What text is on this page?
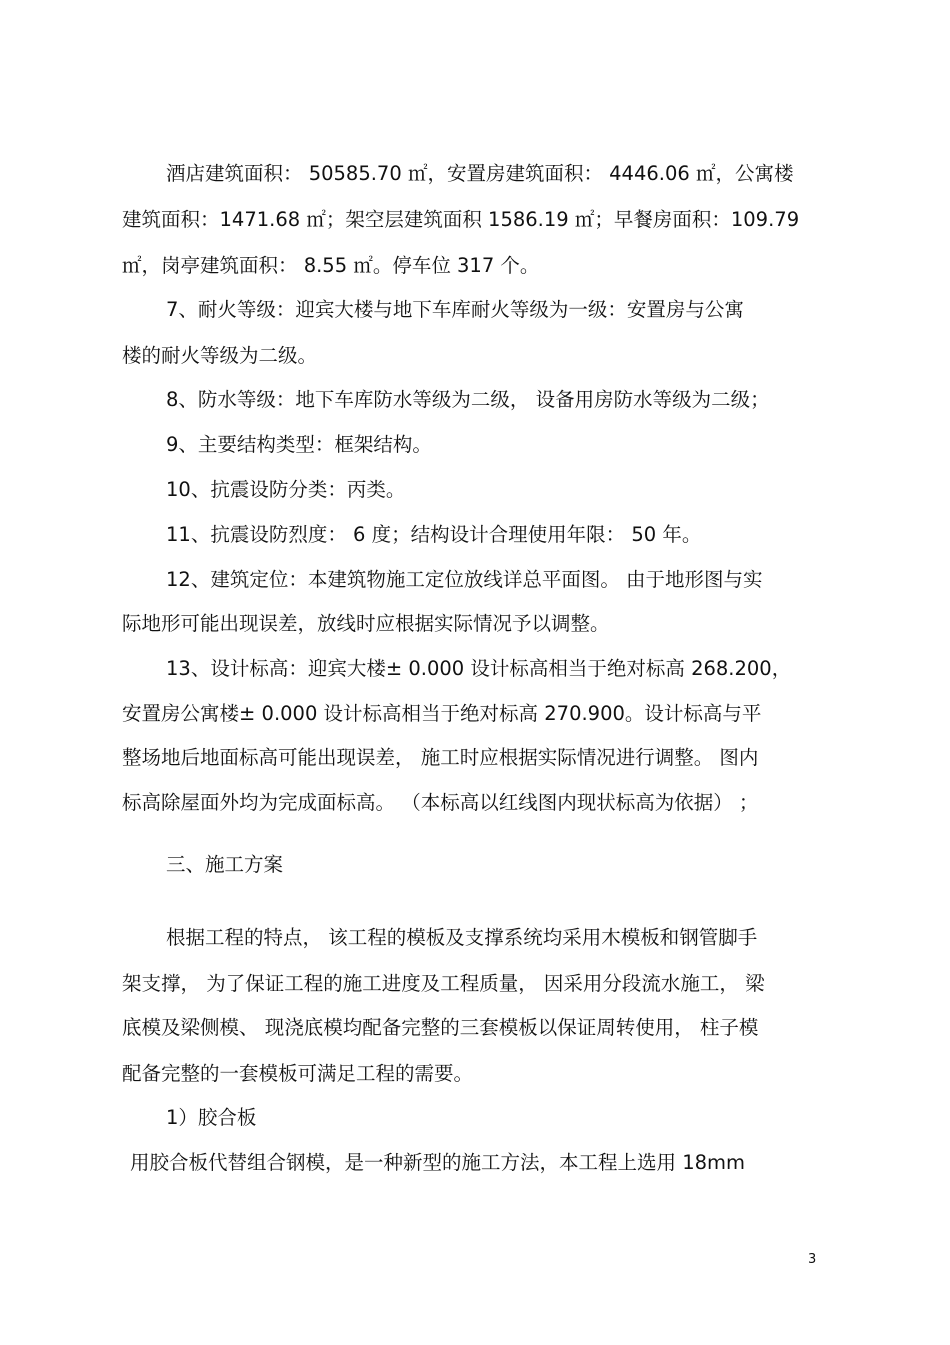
酒店建筑面积： 50585.70 ㎡，安置房建筑面积： 4446.06 ㎡，公寓楼
建筑面积：1471.68 ㎡；架空层建筑面积 1586.19 ㎡；早餐房面积：109.79
㎡，岗亭建筑面积： 8.55 ㎡。停车位 317 个。
7、耐火等级：迎宾大楼与地下车库耐火等级为一级：安置房与公寓
楼的耐火等级为二级。
8、防水等级：地下车库防水等级为二级， 设备用房防水等级为二级；
9、主要结构类型：框架结构。
10、抗震设防分类：丙类。
11、抗震设防烈度： 6 度；结构设计合理使用年限： 50 年。
12、建筑定位：本建筑物施工定位放线详总平面图。 由于地形图与实
际地形可能出现误差，放线时应根据实际情况予以调整。
13、设计标高：迎宾大楼± 0.000 设计标高相当于绝对标高 268.200，
安置房公寓楼± 0.000 设计标高相当于绝对标高 270.900。设计标高与平
整场地后地面标高可能出现误差， 施工时应根据实际情况进行调整。 图内
标高除屋面外均为完成面标高。 （本标高以红线图内现状标高为依据） ；
三、施工方案
根据工程的特点， 该工程的模板及支撑系统均采用木模板和钢管脚手
架支撑， 为了保证工程的施工进度及工程质量， 因采用分段流水施工， 梁
底模及梁侧模、 现浇底模均配备完整的三套模板以保证周转使用， 柱子模
配备完整的一套模板可满足工程的需要。
1）胶合板
用胶合板代替组合钢模，是一种新型的施工方法，本工程上选用 18mm
3
